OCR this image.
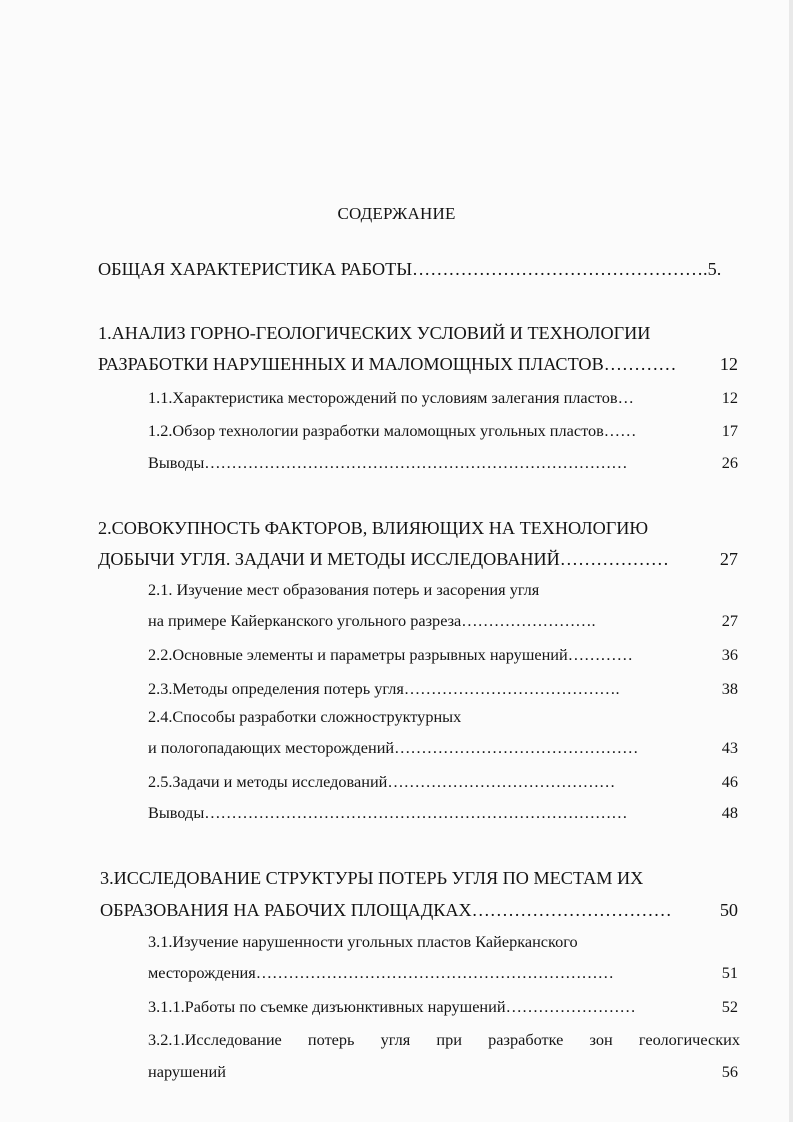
СОДЕРЖАНИЕ
ОБЩАЯ ХАРАКТЕРИСТИКА РАБОТЫ………………………………………….5.
1.АНАЛИЗ ГОРНО-ГЕОЛОГИЧЕСКИХ УСЛОВИЙ И ТЕХНОЛОГИИ
РАЗРАБОТКИ НАРУШЕННЫХ И МАЛОМОЩНЫХ ПЛАСТОВ…………	12
1.1.Характеристика месторождений по условиям залегания пластов…	12
1.2.Обзор технологии разработки маломощных угольных пластов……	17
Выводы……………………………………………………………………	26
2.СОВОКУПНОСТЬ ФАКТОРОВ, ВЛИЯЮЩИХ НА ТЕХНОЛОГИЮ
ДОБЫЧИ УГЛЯ. ЗАДАЧИ И МЕТОДЫ ИССЛЕДОВАНИЙ………………	27
2.1. Изучение мест образования потерь и засорения угля
на примере Кайерканского угольного разреза…………………….	27
2.2.Основные элементы и параметры разрывных нарушений…………	36
2.3.Методы определения потерь угля………………………………….	38
2.4.Способы разработки сложноструктурных
и пологопадающих месторождений………………………………………	43
2.5.Задачи и методы исследований……………………………………	46
Выводы……………………………………………………………………	48
3.ИССЛЕДОВАНИЕ СТРУКТУРЫ ПОТЕРЬ УГЛЯ ПО МЕСТАМ ИХ
ОБРАЗОВАНИЯ НА РАБОЧИХ ПЛОЩАДКАХ……………………………	50
3.1.Изучение нарушенности угольных пластов Кайерканского
месторождения…………………………………………………………	51
3.1.1.Работы по съемке дизъюнктивных нарушений……………………	52
3.2.1.Исследование потерь угля при разработке зон геологических
нарушений	56
